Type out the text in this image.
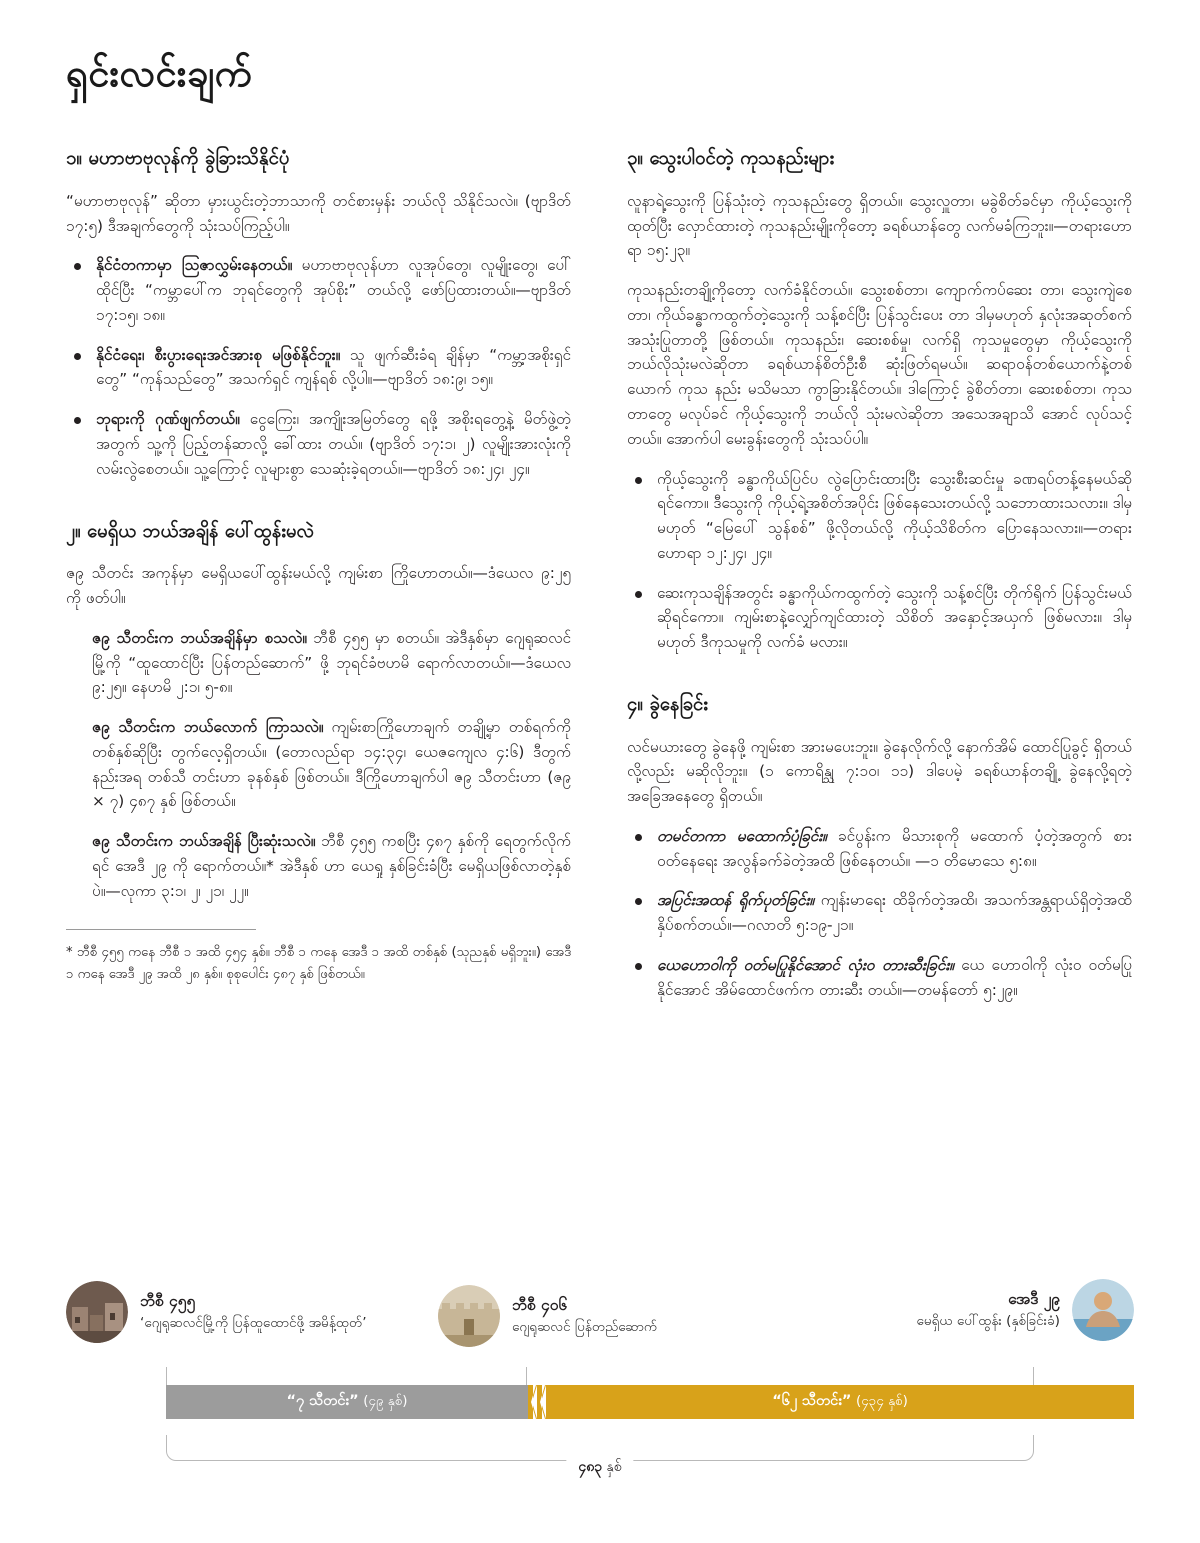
ရှင်းလင်းချက်
၁။ မဟာဗာဗုလုန်ကို ခွဲခြားသိနိုင်ပုံ

“မဟာဗာဗုလုန်” ဆိုတာ မှားယွင်းတဲ့ဘာသာကို တင်စားမှန်း ဘယ်လို သိနိုင်သလဲ။ (ဗျာဒိတ် ၁၇:၅) ဒီအချက်တွေကို သုံးသပ်ကြည့်ပါ။

နိုင်ငံတကာမှာ သြဇာလွှမ်းနေတယ်။ မဟာဗာဗုလုန်ဟာ လူအုပ်တွေ၊ လူမျိုးတွေ၊ ပေါ် ထိုင်ပြီး “ကမ္ဘာပေါ်က ဘုရင်တွေကို အုပ်စိုး” တယ်လို့ ဖော်ပြထားတယ်။—ဗျာဒိတ် ၁၇:၁၅၊ ၁၈။
နိုင်ငံရေး၊ စီးပွားရေးအင်အားစု မဖြစ်နိုင်ဘူး။ သူ ဖျက်ဆီးခံရ ချိန်မှာ “ကမ္ဘာ့အစိုးရှင်တွေ” “ကုန်သည်တွေ” အသက်ရှင် ကျန်ရစ် လို့ပါ။—ဗျာဒိတ် ၁၈:၉၊ ၁၅။
ဘုရားကို ဂုဏ်ဖျက်တယ်။ ငွေကြေး၊ အကျိုးအမြတ်တွေ ရဖို့ အစိုးရတွေ့နဲ့ မိတ်ဖွဲ့တဲ့အတွက် သူ့ကို ပြည့်တန်ဆာလို့ ခေါ်ထား တယ်။ (ဗျာဒိတ် ၁၇:၁၊ ၂) လူမျိုးအားလုံးကို လမ်းလွဲစေတယ်။ သူ့ကြောင့် လူများစွာ သေဆုံးခဲ့ရတယ်။—ဗျာဒိတ် ၁၈:၂၄၊ ၂၄။
၂။ မေရှိယ ဘယ်အချိန် ပေါ်ထွန်းမလဲ

ဇ၉ သီတင်း အကုန်မှာ မေရှိယပေါ်ထွန်းမယ်လို့ ကျမ်းစာ ကြိုဟောတယ်။—ဒံယေလ ၉:၂၅ ကို ဖတ်ပါ။

ဇ၉ သီတင်းက ဘယ်အချိန်မှာ စသလဲ။ ဘီစီ ၄၅၅ မှာ စတယ်။ အဲဒီနှစ်မှာ ဂျေရုဆလင်မြို့ကို “ထူထောင်ပြီး ပြန်တည်ဆောက်” ဖို့ ဘုရင်ခံဗဟမိ ရောက်လာတယ်။—ဒံယေလ ၉:၂၅။ နေဟမိ ၂:၁၊ ၅-၈။
ဇ၉ သီတင်းက ဘယ်လောက် ကြာသလဲ။ ကျမ်းစာကြိုဟောချက် တချို့မှာ တစ်ရက်ကို တစ်နှစ်ဆိုပြီး တွက်လေ့ရှိတယ်။ (တောလည်ရာ ၁၄:၃၄၊ ယေဇကျေလ ၄:၆) ဒီတွက်နည်းအရ တစ်သီ တင်းဟာ ခုနစ်နှစ် ဖြစ်တယ်။ ဒီကြိုဟောချက်ပါ ဇ၉ သီတင်းဟာ (ဇ၉ × ၇) ၄၈၇ နှစ် ဖြစ်တယ်။
ဇ၉ သီတင်းက ဘယ်အချိန် ပြီးဆုံးသလဲ။ ဘီစီ ၄၅၅ ကစပြီး ၄၈၇ နှစ်ကို ရေတွက်လိုက်ရင် အေဒီ ၂၉ ကို ရောက်တယ်။* အဲဒီနှစ် ဟာ ယေရှု နှစ်ခြင်းခံပြီး မေရှိယဖြစ်လာတဲ့နှစ်ပဲ။—လုကာ ၃:၁၊ ၂၊ ၂၁၊ ၂၂။

* ဘီစီ ၄၅၅ ကနေ ဘီစီ ၁ အထိ ၄၅၄ နှစ်။ ဘီစီ ၁ ကနေ အေဒီ ၁ အထိ တစ်နှစ် (သုညနှစ် မရှိဘူး။) အေဒီ ၁ ကနေ အေဒီ ၂၉ အထိ ၂၈ နှစ်။ စုစုပေါင်း ၄၈၇ နှစ် ဖြစ်တယ်။

၃။ သွေးပါဝင်တဲ့ ကုသနည်းများ

လူနာရဲ့သွေးကို ပြန်သုံးတဲ့ ကုသနည်းတွေ ရှိတယ်။ သွေးလှူတာ၊ မခွဲစိတ်ခင်မှာ ကိုယ့်သွေးကို ထုတ်ပြီး လှောင်ထားတဲ့ ကုသနည်းမျိုးကိုတော့ ခရစ်ယာန်တွေ လက်မခံကြဘူး။—တရားဟောရာ ၁၅:၂၃။

ကုသနည်းတချို့ကိုတော့ လက်ခံနိုင်တယ်။ သွေးစစ်တာ၊ ကျောက်ကပ်ဆေး တာ၊ သွေးကျဲစေတာ၊ ကိုယ်ခန္ဓာကထွက်တဲ့သွေးကို သန့်စင်ပြီး ပြန်သွင်းပေး တာ ဒါမှမဟုတ် နှလုံးအဆုတ်စက် အသုံးပြုတာတို့ ဖြစ်တယ်။ ကုသနည်း၊ ဆေးစစ်မှု၊ လက်ရှိ ကုသမှုတွေမှာ ကိုယ့်သွေးကို ဘယ်လိုသုံးမလဲဆိုတာ ခရစ်ယာန်စိတ်ဦးစီ ဆုံးဖြတ်ရမယ်။ ဆရာဝန်တစ်ယောက်နဲ့တစ်ယောက် ကုသ နည်း မသိမသာ ကွာခြားနိုင်တယ်။ ဒါကြောင့် ခွဲစိတ်တာ၊ ဆေးစစ်တာ၊ ကုသ တာတွေ မလုပ်ခင် ကိုယ့်သွေးကို ဘယ်လို သုံးမလဲဆိုတာ အသေအချာသိ အောင် လုပ်သင့်တယ်။ အောက်ပါ မေးခွန်းတွေကို သုံးသပ်ပါ။

ကိုယ့်သွေးကို ခန္ဓာကိုယ်ပြင်ပ လွဲပြောင်းထားပြီး သွေးစီးဆင်းမှု ခဏရပ်တန့်နေမယ်ဆိုရင်ကော။ ဒီသွေးကို ကိုယ့်ရဲ့အစိတ်အပိုင်း ဖြစ်နေသေးတယ်လို့ သဘောထားသလား။ ဒါမှမဟုတ် “မြေပေါ် သွန်စစ်” ဖို့လိုတယ်လို့ ကိုယ့်သိစိတ်က ပြောနေသလား။—တရား ဟောရာ ၁၂:၂၄၊ ၂၄။
ဆေးကုသချိန်အတွင်း ခန္ဓာကိုယ်ကထွက်တဲ့ သွေးကို သန့်စင်ပြီး တိုက်ရိုက် ပြန်သွင်းမယ်ဆိုရင်ကော။ ကျမ်းစာနဲ့လျှော်ကျင်ထားတဲ့ သိစိတ် အနှောင့်အယှက် ဖြစ်မလား။ ဒါမှမဟုတ် ဒီကုသမှုကို လက်ခံ မလား။
၄။ ခွဲနေခြင်း

လင်မယားတွေ ခွဲနေဖို့ ကျမ်းစာ အားမပေးဘူး။ ခွဲနေလိုက်လို့ နောက်အိမ် ထောင်ပြုခွင့် ရှိတယ်လို့လည်း မဆိုလိုဘူး။ (၁ ကောရိန္သု ၇:၁၀၊ ၁၁) ဒါပေမဲ့ ခရစ်ယာန်တချို့ ခွဲနေလို့ရတဲ့အခြေအနေတွေ ရှိတယ်။

တမင်တကာ မထောက်ပံ့ခြင်း။ ခင်ပွန်းက မိသားစုကို မထောက် ပံ့တဲ့အတွက် စားဝတ်နေရေး အလွန်ခက်ခဲတဲ့အထိ ဖြစ်နေတယ်။ —၁ တိမောသေ ၅:၈။
အပြင်းအထန် ရိုက်ပုတ်ခြင်း။ ကျန်းမာရေး ထိခိုက်တဲ့အထိ၊ အသက်အန္တရာယ်ရှိတဲ့အထိ နှိပ်စက်တယ်။—ဂလာတိ ၅:၁၉-၂၁။
ယေဟောဝါကို ဝတ်မပြုနိုင်အောင် လုံးဝ တားဆီးခြင်း။ ယေ ဟောဝါကို လုံးဝ ဝတ်မပြုနိုင်အောင် အိမ်ထောင်ဖက်က တားဆီး တယ်။—တမန်တော် ၅:၂၉။
ဘီစီ ၄၅၅
‘ဂျေရုဆလင်မြို့ကို ပြန်ထူထောင်ဖို့ အမိန့်ထုတ်’
ဘီစီ ၄၀၆
ဂျေရုဆလင် ပြန်တည်ဆောက်
အေဒီ ၂၉
မေရှိယ ပေါ်ထွန်း (နှစ်ခြင်းခံ)
“၇ သီတင်း”
(၄၉ နှစ်)	“၆၂ သီတင်း”
(၄၃၄ နှစ်)
၄၈၃ နှစ်
